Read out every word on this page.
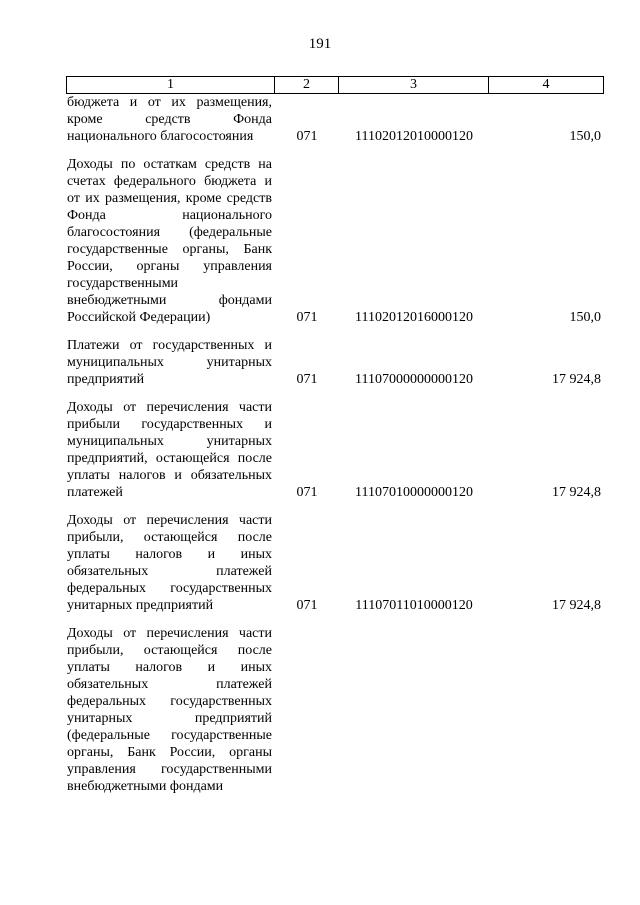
191
1	2	3	4
бюджета и от их размещения, кроме средств Фонда национального благосостояния	071	11102012010000120	150,0
Доходы по остаткам средств на счетах федерального бюджета и от их размещения, кроме средств Фонда национального благосостояния (федеральные государственные органы, Банк России, органы управления государственными внебюджетными фондами Российской Федерации)	071	11102012016000120	150,0
Платежи от государственных и муниципальных унитарных предприятий	071	11107000000000120	17 924,8
Доходы от перечисления части прибыли государственных и муниципальных унитарных предприятий, остающейся после уплаты налогов и обязательных платежей	071	11107010000000120	17 924,8
Доходы от перечисления части прибыли, остающейся после уплаты налогов и иных обязательных платежей федеральных государственных унитарных предприятий	071	11107011010000120	17 924,8
Доходы от перечисления части прибыли, остающейся после уплаты налогов и иных обязательных платежей федеральных государственных унитарных предприятий (федеральные государственные органы, Банк России, органы управления государственными внебюджетными фондами
